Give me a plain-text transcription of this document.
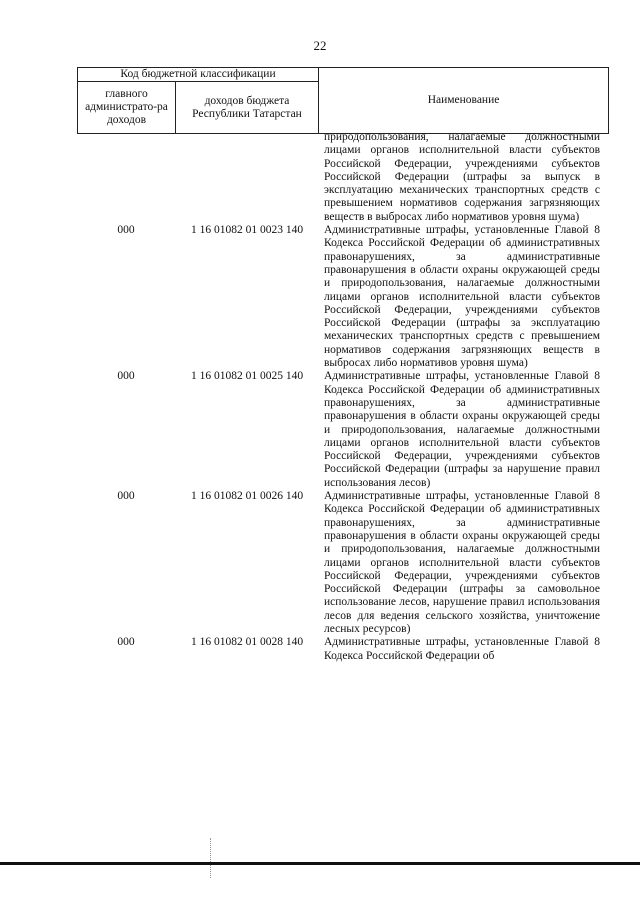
22
Код бюджетной классификации		Наименование
главного администрато-ра доходов	доходов бюджета Республики Татарстан	
природопользования, налагаемые должностными лицами органов исполнительной власти субъектов Российской Федерации, учреждениями субъектов Российской Федерации (штрафы за выпуск в эксплуатацию механических транспортных средств с превышением нормативов содержания загрязняющих веществ в выбросах либо нормативов уровня шума)
000	1 16 01082 01 0023 140	Административные штрафы, установленные Главой 8 Кодекса Российской Федерации об административных правонарушениях, за административные правонарушения в области охраны окружающей среды и природопользования, налагаемые должностными лицами органов исполнительной власти субъектов Российской Федерации, учреждениями субъектов Российской Федерации (штрафы за эксплуатацию механических транспортных средств с превышением нормативов содержания загрязняющих веществ в выбросах либо нормативов уровня шума)
000	1 16 01082 01 0025 140	Административные штрафы, установленные Главой 8 Кодекса Российской Федерации об административных правонарушениях, за административные правонарушения в области охраны окружающей среды и природопользования, налагаемые должностными лицами органов исполнительной власти субъектов Российской Федерации, учреждениями субъектов Российской Федерации (штрафы за нарушение правил использования лесов)
000	1 16 01082 01 0026 140	Административные штрафы, установленные Главой 8 Кодекса Российской Федерации об административных правонарушениях, за административные правонарушения в области охраны окружающей среды и природопользования, налагаемые должностными лицами органов исполнительной власти субъектов Российской Федерации, учреждениями субъектов Российской Федерации (штрафы за самовольное использование лесов, нарушение правил использования лесов для ведения сельского хозяйства, уничтожение лесных ресурсов)
000	1 16 01082 01 0028 140	Административные штрафы, установленные Главой 8 Кодекса Российской Федерации об
